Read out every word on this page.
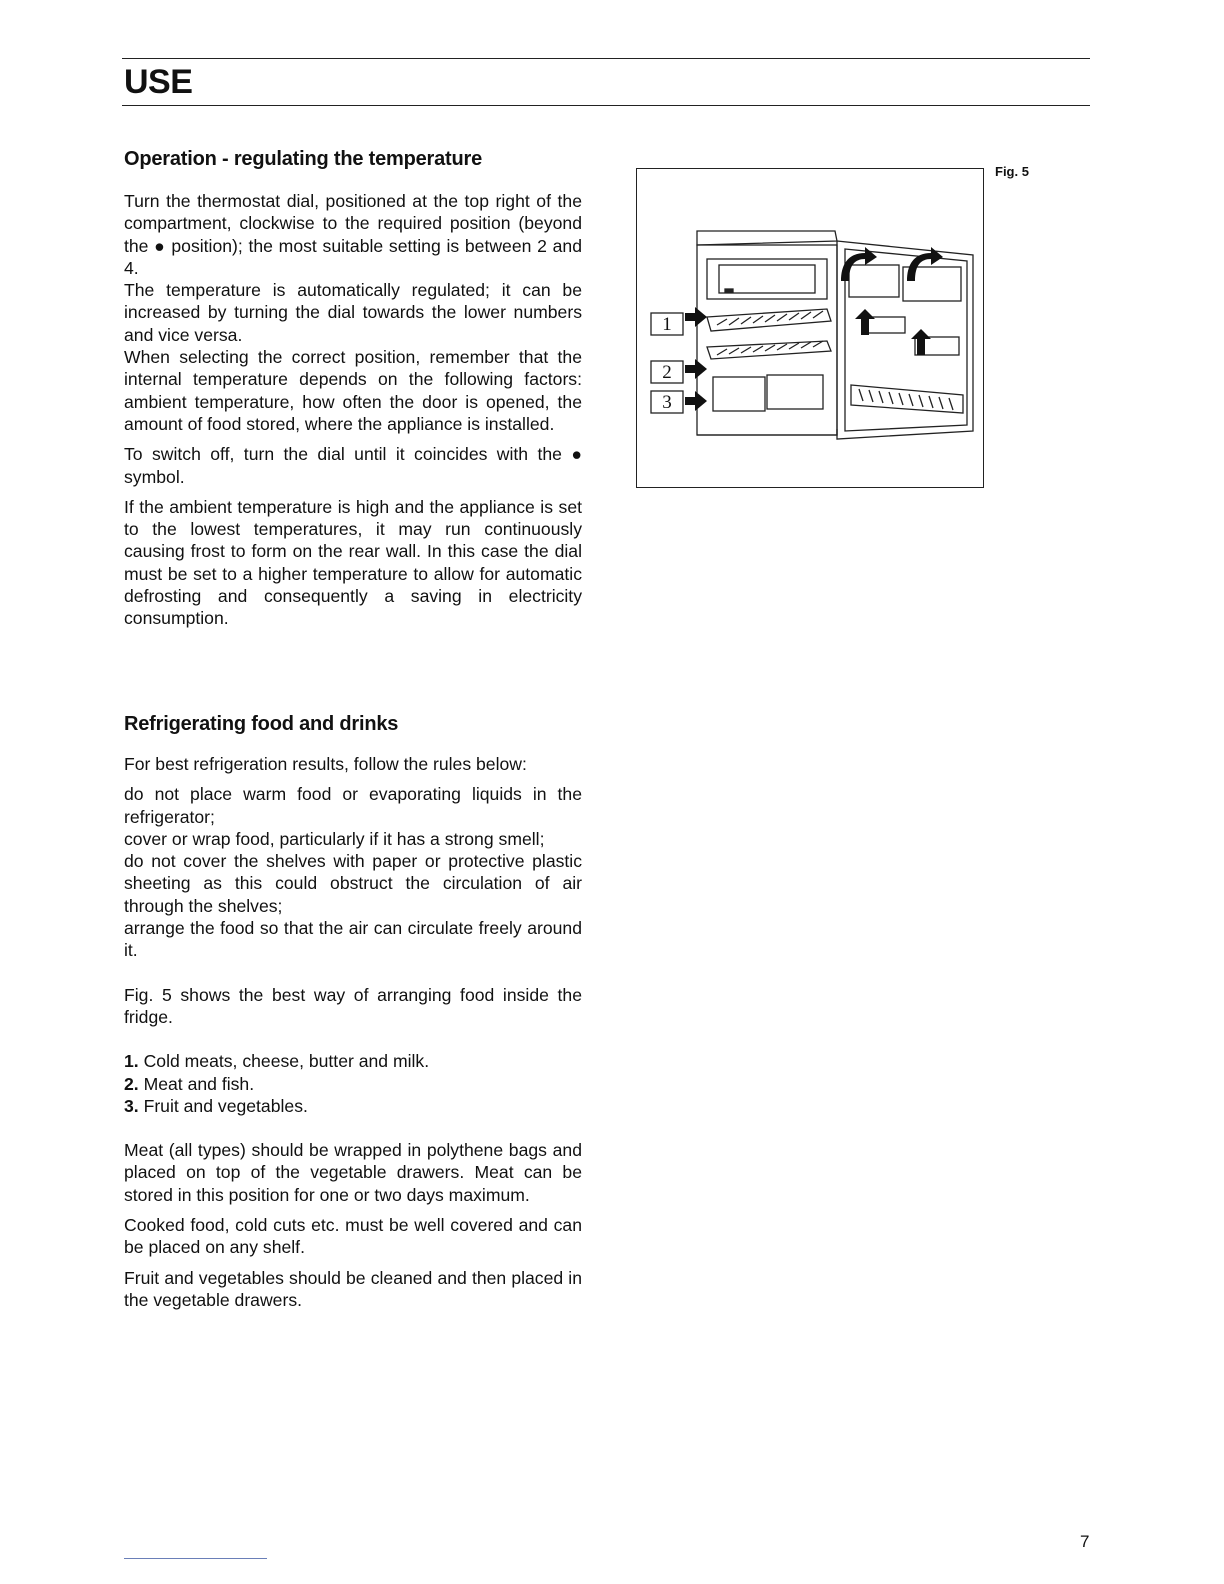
USE
Operation - regulating the temperature

Turn the thermostat dial, positioned at the top right of the compartment, clockwise to the required position (beyond the ● position); the most suitable setting is between 2 and 4.

The temperature is automatically regulated; it can be increased by turning the dial towards the lower numbers and vice versa.

When selecting the correct position, remember that the internal temperature depends on the following factors: ambient temperature, how often the door is opened, the amount of food stored, where the appliance is installed.

To switch off, turn the dial until it coincides with the ● symbol.

If the ambient temperature is high and the appliance is set to the lowest temperatures, it may run continuously causing frost to form on the rear wall. In this case the dial must be set to a higher temperature to allow for automatic defrosting and consequently a saving in electricity consumption.

Refrigerating food and drinks

For best refrigeration results, follow the rules below:

do not place warm food or evaporating liquids in the refrigerator;

cover or wrap food, particularly if it has a strong smell;

do not cover the shelves with paper or protective plastic sheeting as this could obstruct the circulation of air through the shelves;

arrange the food so that the air can circulate freely around it.

Fig. 5 shows the best way of arranging food inside the fridge.

1. Cold meats, cheese, butter and milk.

2. Meat and fish.

3. Fruit and vegetables.

Meat (all types) should be wrapped in polythene bags and placed on top of the vegetable drawers. Meat can be stored in this position for one or two days maximum.

Cooked food, cold cuts etc. must be well covered and can be placed on any shelf.

Fruit and vegetables should be cleaned and then placed in the vegetable drawers.

1
2
3
Fig. 5
7
